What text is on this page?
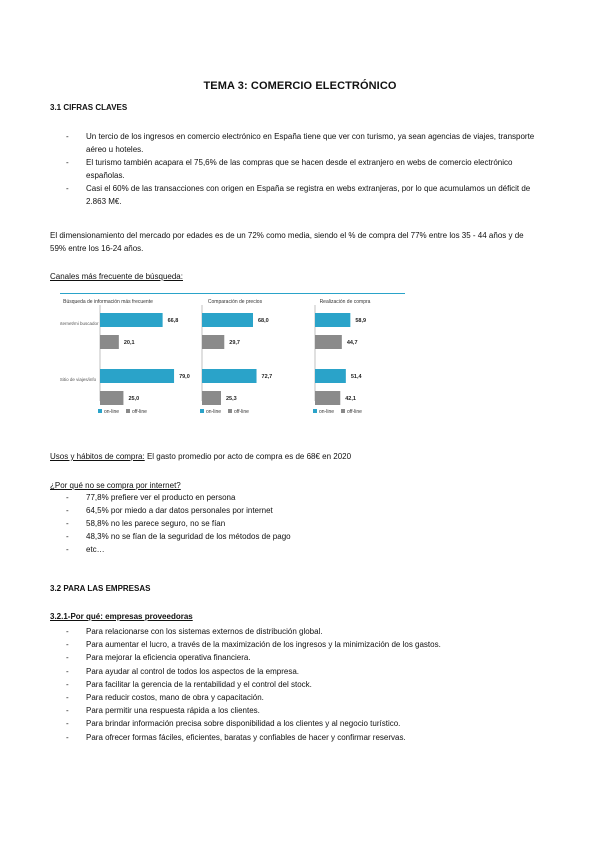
TEMA 3: COMERCIO ELECTRÓNICO
3.1 CIFRAS CLAVES
- Un tercio de los ingresos en comercio electrónico en España tiene que ver con turismo, ya sean agencias de viajes, transporte aéreo u hoteles.
- El turismo también acapara el 75,6% de las compras que se hacen desde el extranjero en webs de comercio electrónico españolas.
- Casi el 60% de las transacciones con origen en España se registra en webs extranjeras, por lo que acumulamos un déficit de 2.863 M€.
El dimensionamiento del mercado por edades es de un 72% como media, siendo el % de compra del 77% entre los 35 - 44 años y de 59% entre los 16-24 años.
Canales más frecuente de búsqueda:
Búsqueda de información más frecuente
66,8
20,1
Internet/mi buscador
79,0
25,0
Sitio de viajes/info
on-line	off-line
Comparación de precios
68,0
29,7
72,7
25,3
on-line	off-line
Realización de compra
58,9
44,7
51,4
42,1
on-line	off-line
Usos y hábitos de compra: El gasto promedio por acto de compra es de 68€ en 2020
¿Por qué no se compra por internet?
- 77,8% prefiere ver el producto en persona
- 64,5% por miedo a dar datos personales por internet
- 58,8% no les parece seguro, no se fían
- 48,3% no se fían de la seguridad de los métodos de pago
- etc…
3.2 PARA LAS EMPRESAS
3.2.1-Por qué: empresas proveedoras
- Para relacionarse con los sistemas externos de distribución global.
- Para aumentar el lucro, a través de la maximización de los ingresos y la minimización de los gastos.
- Para mejorar la eficiencia operativa financiera.
- Para ayudar al control de todos los aspectos de la empresa.
- Para facilitar la gerencia de la rentabilidad y el control del stock.
- Para reducir costos, mano de obra y capacitación.
- Para permitir una respuesta rápida a los clientes.
- Para brindar información precisa sobre disponibilidad a los clientes y al negocio turístico.
- Para ofrecer formas fáciles, eficientes, baratas y confiables de hacer y confirmar reservas.
